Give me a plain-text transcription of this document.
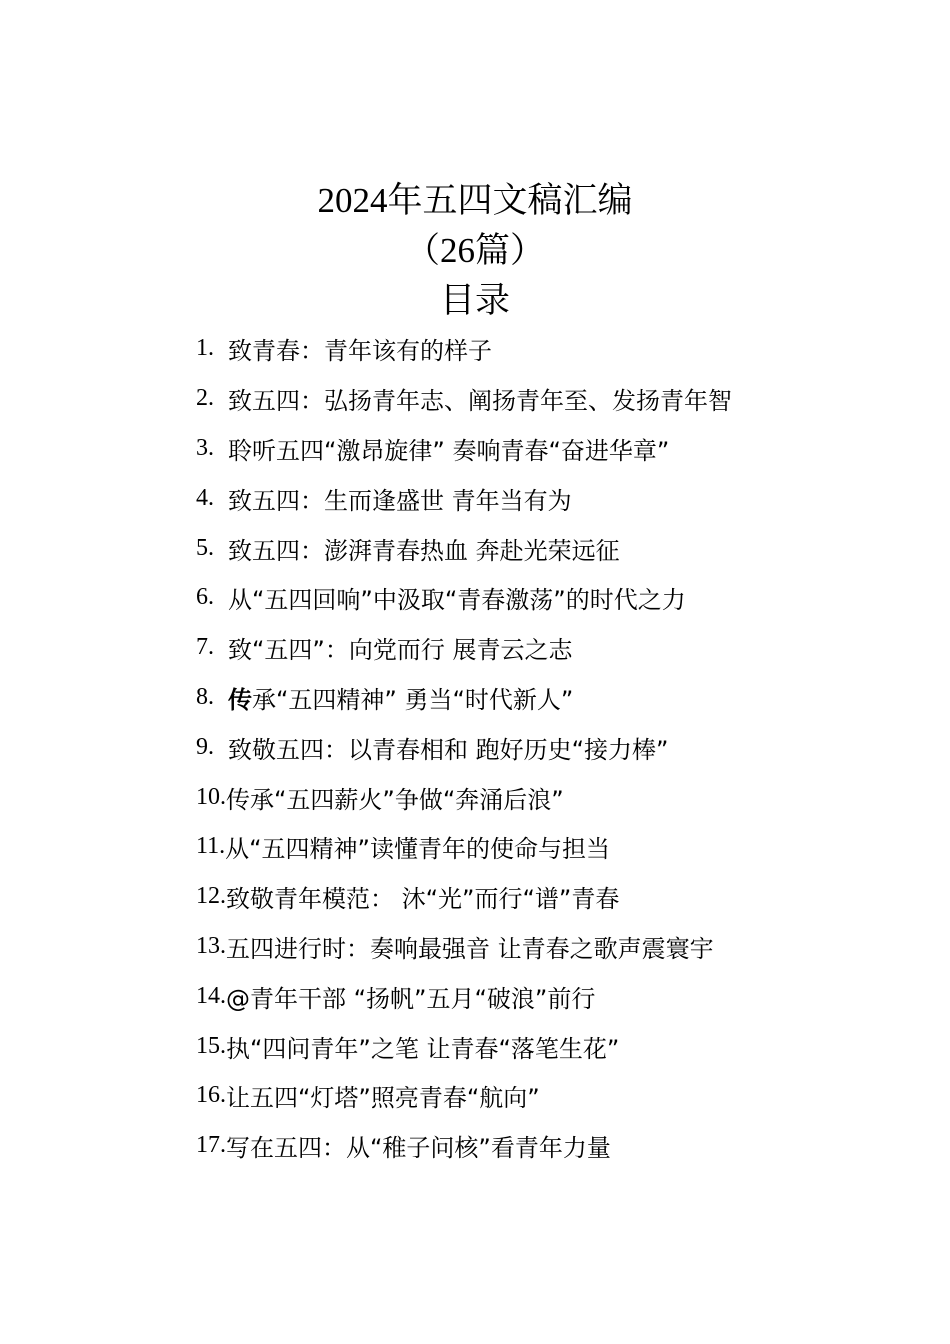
2024年五四文稿汇编
（26篇）
目录
1. 致青春：青年该有的样子
2. 致五四：弘扬青年志、阐扬青年至、发扬青年智
3. 聆听五四“激昂旋律” 奏响青春“奋进华章”
4. 致五四：生而逢盛世 青年当有为
5. 致五四：澎湃青春热血 奔赴光荣远征
6. 从“五四回响”中汲取“青春激荡”的时代之力
7. 致“五四”：向党而行 展青云之志
8. 传承“五四精神” 勇当“时代新人”
9. 致敬五四：以青春相和 跑好历史“接力棒”
10. 传承“五四薪火”争做“奔涌后浪”
11. 从“五四精神”读懂青年的使命与担当
12. 致敬青年模范： 沐“光”而行“谱”青春
13. 五四进行时：奏响最强音 让青春之歌声震寰宇
14. @青年干部 “扬帆”五月“破浪”前行
15. 执“四问青年”之笔 让青春“落笔生花”
16. 让五四“灯塔”照亮青春“航向”
17. 写在五四：从“稚子问核”看青年力量
